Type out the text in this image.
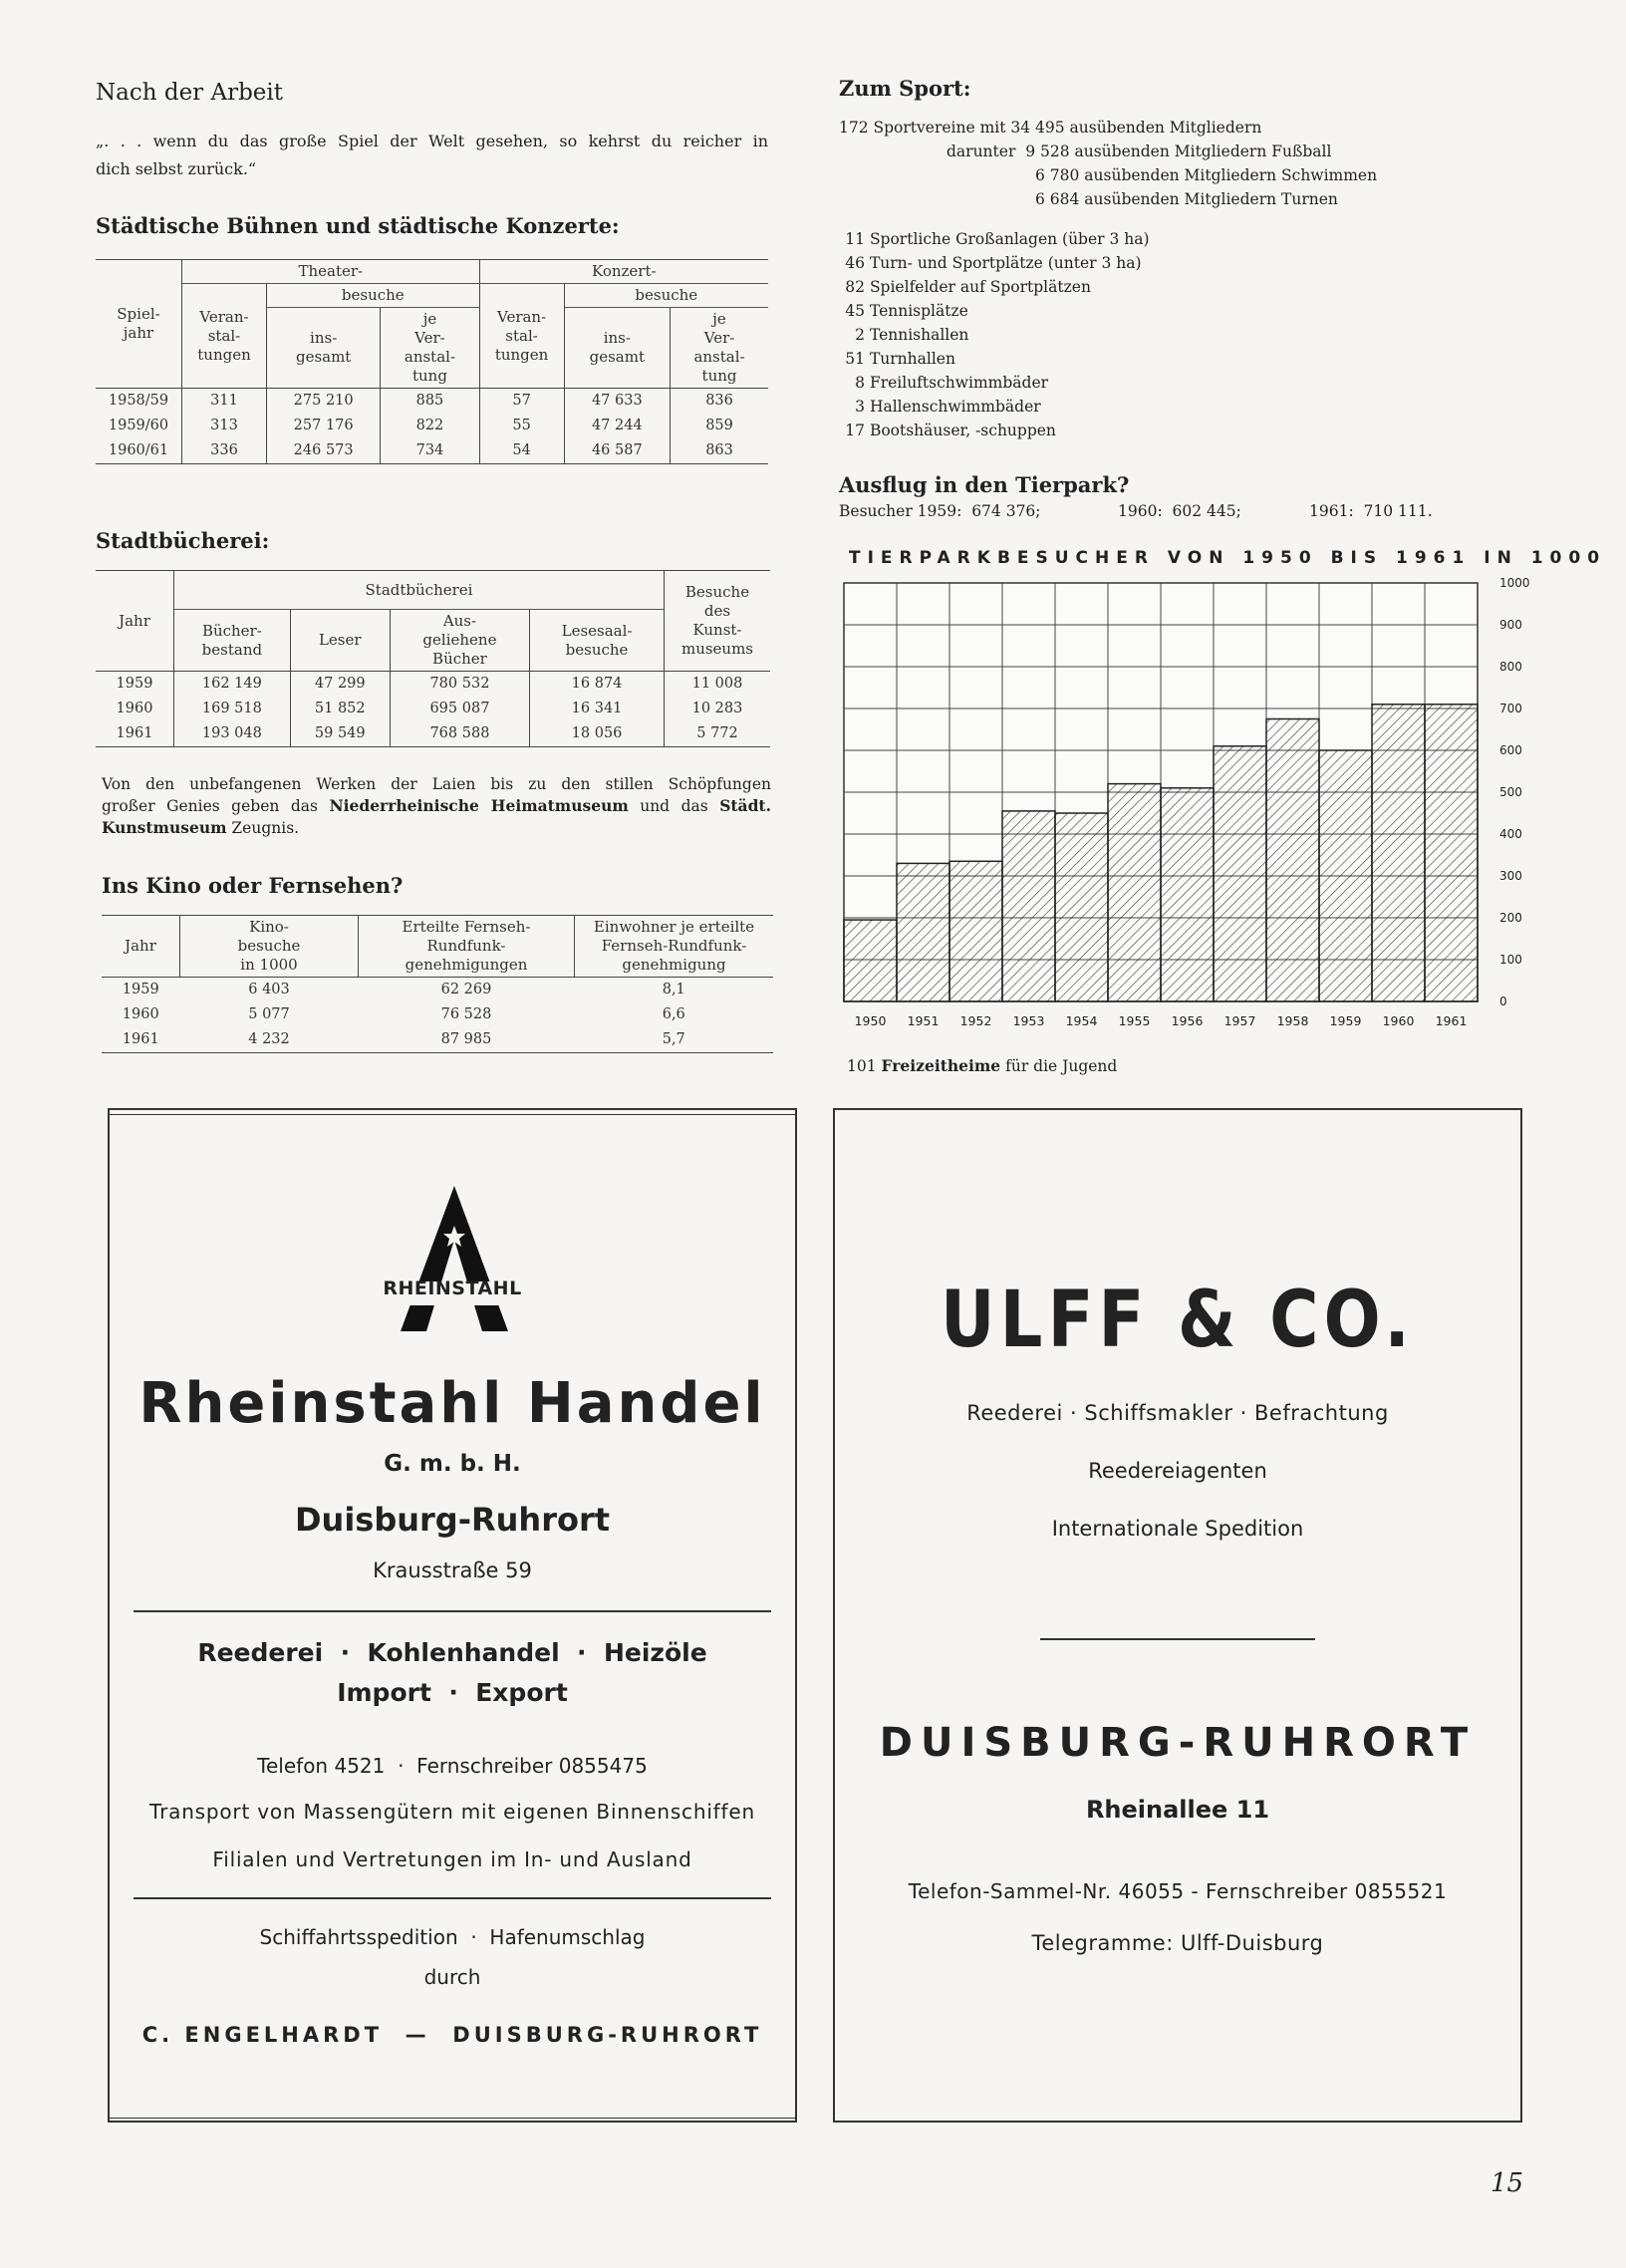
Nach der Arbeit
„. . . wenn du das große Spiel der Welt gesehen, so kehrst du reicher in
dich selbst zurück.“
Städtische Bühnen und städtische Konzerte:
Spiel-
jahr	Theater-			Konzert-		
	Veran-
stal-
tungen	besuche		Veran-
stal-
tungen	besuche	
		ins-
gesamt	je
Ver-
anstal-
tung		ins-
gesamt	je
Ver-
anstal-
tung
1958/59	311	275 210	885	57	47 633	836
1959/60	313	257 176	822	55	47 244	859
1960/61	336	246 573	734	54	46 587	863
Stadtbücherei:
Jahr	Stadtbücherei				Besuche
des
Kunst-
museums
	Bücher-
bestand	Leser	Aus-
geliehene
Bücher	Lesesaal-
besuche	
1959	162 149	47 299	780 532	16 874	11 008
1960	169 518	51 852	695 087	16 341	10 283
1961	193 048	59 549	768 588	18 056	5 772
Von den unbefangenen Werken der Laien bis zu den stillen Schöpfungen
großer Genies geben das Niederrheinische Heimatmuseum und das Städt.
Kunstmuseum Zeugnis.
Ins Kino oder Fernsehen?
Jahr	Kino-
besuche
in 1000	Erteilte Fernseh-
Rundfunk-
genehmigungen	Einwohner je erteilte
Fernseh-Rundfunk-
genehmigung
1959	6 403	62 269	8,1
1960	5 077	76 528	6,6
1961	4 232	87 985	5,7
Zum Sport:
172 Sportvereine mit 34 495 ausübenden Mitgliedern
darunter  9 528 ausübenden Mitgliedern Fußball
6 780 ausübenden Mitgliedern Schwimmen
6 684 ausübenden Mitgliedern Turnen
11 Sportliche Großanlagen (über 3 ha)
46 Turn- und Sportplätze (unter 3 ha)
82 Spielfelder auf Sportplätzen
45 Tennisplätze
2 Tennishallen
51 Turnhallen
8 Freiluftschwimmbäder
3 Hallenschwimmbäder
17 Bootshäuser, -schuppen
Ausflug in den Tierpark?
Besucher 1959:  674 376;	1960:  602 445;	1961:  710 111.
TIERPARKBESUCHER VON 1950 BIS 1961 IN 1000
0
100
200
300
400
500
600
700
800
900
1000
1950 1951 1952 1953 1954 1955 1956 1957 1958 1959 1960 1961
101 Freizeitheime für die Jugend
RHEINSTAHL
Rheinstahl Handel
G. m. b. H.
Duisburg-Ruhrort
Krausstraße 59
Reederei  ·  Kohlenhandel  ·  Heizöle
Import  ·  Export
Telefon 4521  ·  Fernschreiber 0855475
Transport von Massengütern mit eigenen Binnenschiffen
Filialen und Vertretungen im In- und Ausland
Schiffahrtsspedition  ·  Hafenumschlag
durch
C. ENGELHARDT  —  DUISBURG-RUHRORT
ULFF & CO.
Reederei · Schiffsmakler · Befrachtung
Reedereiagenten
Internationale Spedition
DUISBURG-RUHRORT
Rheinallee 11
Telefon-Sammel-Nr. 46055 - Fernschreiber 0855521
Telegramme: Ulff-Duisburg
15
